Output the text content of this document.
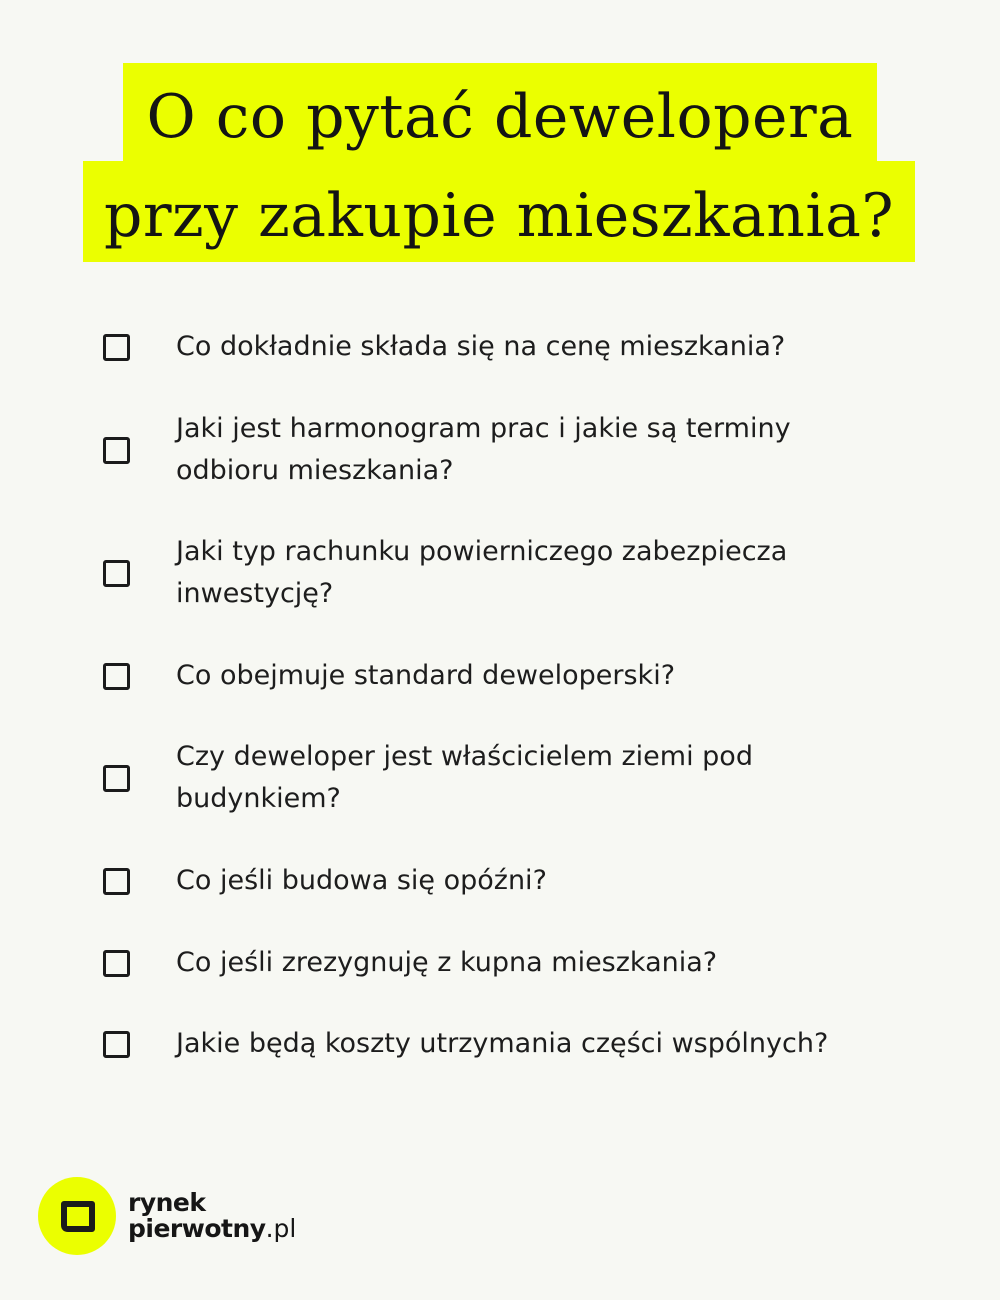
O co pytać dewelopera
przy zakupie mieszkania?
Co dokładnie składa się na cenę mieszkania?
Jaki jest harmonogram prac i jakie są terminy odbioru mieszkania?
Jaki typ rachunku powierniczego zabezpiecza inwestycję?
Co obejmuje standard deweloperski?
Czy deweloper jest właścicielem ziemi pod budynkiem?
Co jeśli budowa się opóźni?
Co jeśli zrezygnuję z kupna mieszkania?
Jakie będą koszty utrzymania części wspólnych?
rynek
pierwotny.pl
